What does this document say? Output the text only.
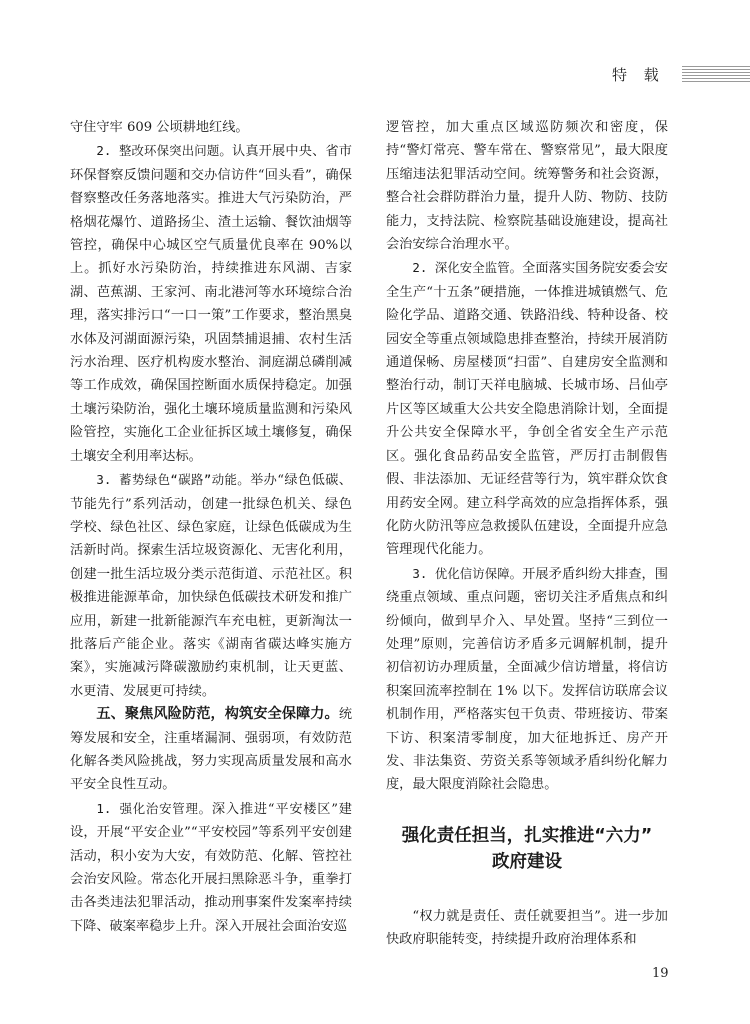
特 载

守住守牢 609 公顷耕地红线。

2. 整改环保突出问题。认真开展中央、省市环保督察反馈问题和交办信访件“回头看”，确保督察整改任务落地落实。推进大气污染防治，严格烟花爆竹、道路扬尘、渣土运输、餐饮油烟等管控，确保中心城区空气质量优良率在 90%以上。抓好水污染防治，持续推进东风湖、吉家湖、芭蕉湖、王家河、南北港河等水环境综合治理，落实排污口“一口一策”工作要求，整治黑臭水体及河湖面源污染，巩固禁捕退捕、农村生活污水治理、医疗机构废水整治、洞庭湖总磷削减等工作成效，确保国控断面水质保持稳定。加强土壤污染防治，强化土壤环境质量监测和污染风险管控，实施化工企业征拆区域土壤修复，确保土壤安全利用率达标。

3. 蓄势绿色“碳路”动能。举办“绿色低碳、节能先行”系列活动，创建一批绿色机关、绿色学校、绿色社区、绿色家庭，让绿色低碳成为生活新时尚。探索生活垃圾资源化、无害化利用，创建一批生活垃圾分类示范街道、示范社区。积极推进能源革命，加快绿色低碳技术研发和推广应用，新建一批新能源汽车充电桩，更新淘汰一批落后产能企业。落实《湖南省碳达峰实施方案》，实施减污降碳激励约束机制，让天更蓝、水更清、发展更可持续。

五、聚焦风险防范，构筑安全保障力。统筹发展和安全，注重堵漏洞、强弱项，有效防范化解各类风险挑战，努力实现高质量发展和高水平安全良性互动。

1. 强化治安管理。深入推进“平安楼区”建设，开展“平安企业”“平安校园”等系列平安创建活动，积小安为大安，有效防范、化解、管控社会治安风险。常态化开展扫黑除恶斗争，重拳打击各类违法犯罪活动，推动刑事案件发案率持续下降、破案率稳步上升。深入开展社会面治安巡

逻管控，加大重点区域巡防频次和密度，保持“警灯常亮、警车常在、警察常见”，最大限度压缩违法犯罪活动空间。统筹警务和社会资源，整合社会群防群治力量，提升人防、物防、技防能力，支持法院、检察院基础设施建设，提高社会治安综合治理水平。

2. 深化安全监管。全面落实国务院安委会安全生产“十五条”硬措施，一体推进城镇燃气、危险化学品、道路交通、铁路沿线、特种设备、校园安全等重点领域隐患排查整治，持续开展消防通道保畅、房屋楼顶“扫雷”、自建房安全监测和整治行动，制订天祥电脑城、长城市场、吕仙亭片区等区域重大公共安全隐患消除计划，全面提升公共安全保障水平，争创全省安全生产示范区。强化食品药品安全监管，严厉打击制假售假、非法添加、无证经营等行为，筑牢群众饮食用药安全网。建立科学高效的应急指挥体系，强化防火防汛等应急救援队伍建设，全面提升应急管理现代化能力。

3. 优化信访保障。开展矛盾纠纷大排查，围绕重点领域、重点问题，密切关注矛盾焦点和纠纷倾向，做到早介入、早处置。坚持“三到位一处理”原则，完善信访矛盾多元调解机制，提升初信初访办理质量，全面减少信访增量，将信访积案回流率控制在 1% 以下。发挥信访联席会议机制作用，严格落实包干负责、带班接访、带案下访、积案清零制度，加大征地拆迁、房产开发、非法集资、劳资关系等领域矛盾纠纷化解力度，最大限度消除社会隐患。

强化责任担当，扎实推进“六力”
政府建设

“权力就是责任、责任就要担当”。进一步加快政府职能转变，持续提升政府治理体系和

19
